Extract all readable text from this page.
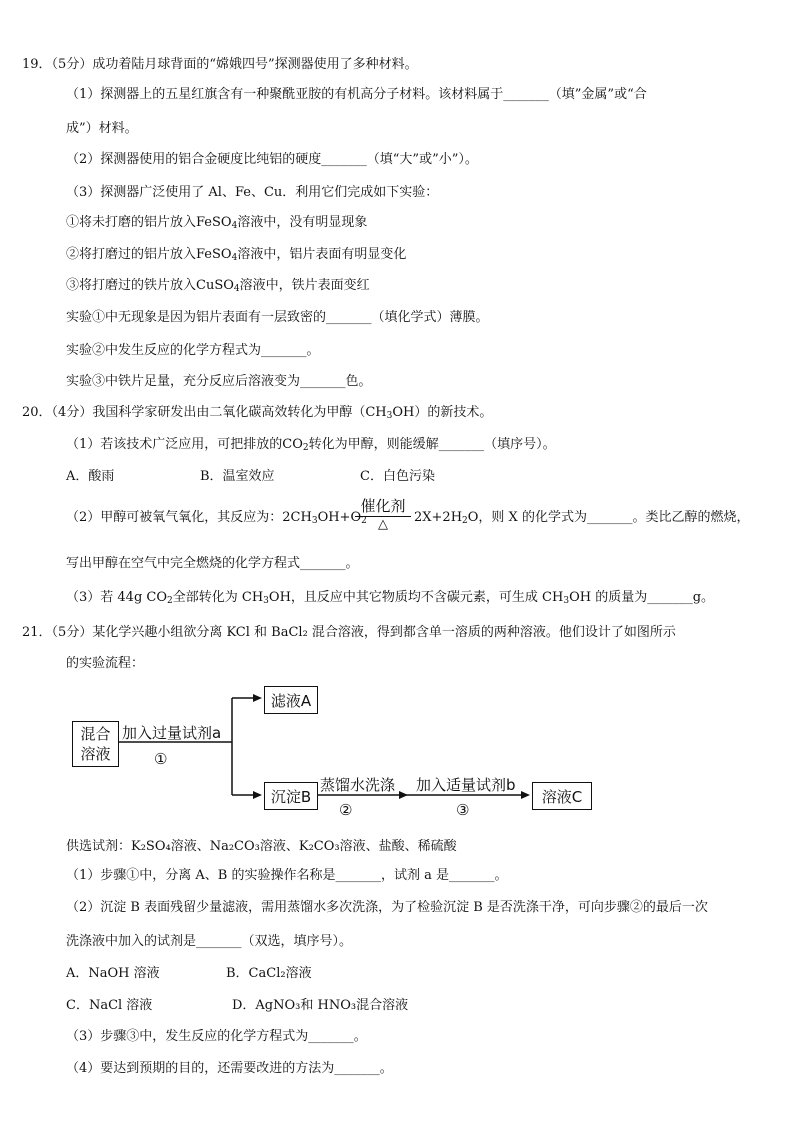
19．（5分）成功着陆月球背面的“嫦娥四号”探测器使用了多种材料。
（1）探测器上的五星红旗含有一种聚酰亚胺的有机高分子材料。该材料属于_______（填”金属”或“合
成”）材料。
（2）探测器使用的铝合金硬度比纯铝的硬度_______（填“大”或”小”）。
（3）探测器广泛使用了 Al、Fe、Cu．利用它们完成如下实验：
①将未打磨的铝片放入FeSO$_4$溶液中，没有明显现象
②将打磨过的铝片放入FeSO$_4$溶液中，铝片表面有明显变化
③将打磨过的铁片放入CuSO$_4$溶液中，铁片表面变红
实验①中无现象是因为铝片表面有一层致密的_______（填化学式）薄膜。
实验②中发生反应的化学方程式为_______。
实验③中铁片足量，充分反应后溶液变为_______色。
20．（4分）我国科学家研发出由二氧化碳高效转化为甲醇$(CH_3OH)$的新技术。
（1）若该技术广泛应用，可把排放的$CO_2$转化为甲醇，则能缓解_______（填序号）。
A．酸雨	B．温室效应	C．白色污染
（2）甲醇可被氧气氧化，其反应为：$2CH_3OH+O_2$
催化剂
△	$2X+2H_2O$，则 X 的化学式为_______。类比乙醇的燃烧，
写出甲醇在空气中完全燃烧的化学方程式_______。
（3）若 44g $CO_2$全部转化为 $CH_3OH$，且反应中其它物质均不含碳元素，可生成 $CH_3OH$ 的质量为_______g。
21．（5分）某化学兴趣小组欲分离 KCl 和 BaCl₂ 混合溶液，得到都含单一溶质的两种溶液。他们设计了如图所示
的实验流程：
混合
溶液
加入过量试剂a
①
滤液A
沉淀B
蒸馏水洗涤
②
加入适量试剂b
③
溶液C
供选试剂：K₂SO₄溶液、Na₂CO₃溶液、K₂CO₃溶液、盐酸、稀硫酸
（1）步骤①中，分离 A、B 的实验操作名称是_______，试剂 a 是_______。
（2）沉淀 B 表面残留少量滤液，需用蒸馏水多次洗涤，为了检验沉淀 B 是否洗涤干净，可向步骤②的最后一次
洗涤液中加入的试剂是_______（双选，填序号）。
A．NaOH 溶液	B．CaCl₂溶液
C．NaCl 溶液	D．AgNO₃和 HNO₃混合溶液
（3）步骤③中，发生反应的化学方程式为_______。
（4）要达到预期的目的，还需要改进的方法为_______。
